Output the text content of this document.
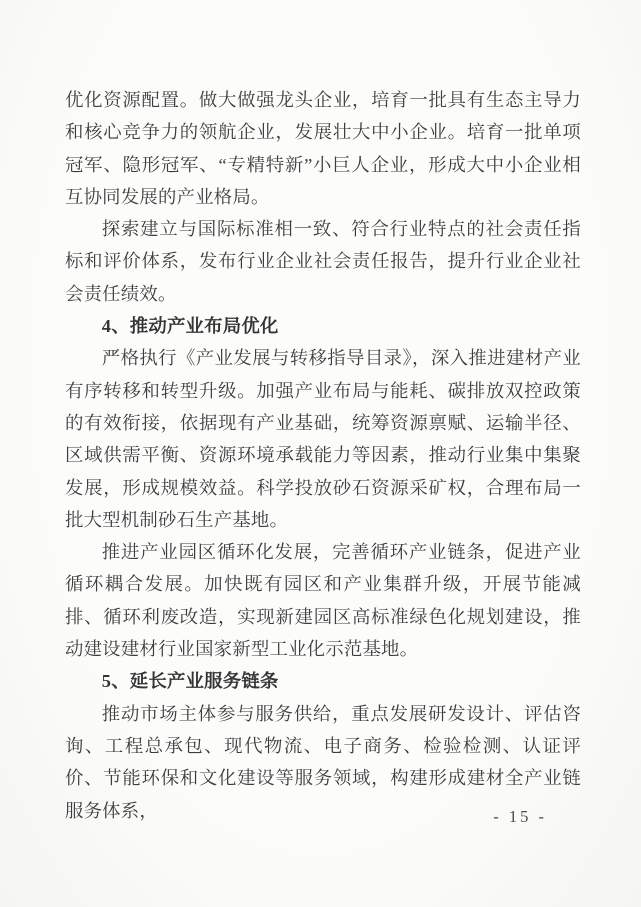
优化资源配置。做大做强龙头企业，培育一批具有生态主导力和核心竞争力的领航企业，发展壮大中小企业。培育一批单项冠军、隐形冠军、“专精特新”小巨人企业，形成大中小企业相互协同发展的产业格局。

探索建立与国际标准相一致、符合行业特点的社会责任指标和评价体系，发布行业企业社会责任报告，提升行业企业社会责任绩效。

4、推动产业布局优化

严格执行《产业发展与转移指导目录》，深入推进建材产业有序转移和转型升级。加强产业布局与能耗、碳排放双控政策的有效衔接，依据现有产业基础，统筹资源禀赋、运输半径、区域供需平衡、资源环境承载能力等因素，推动行业集中集聚发展，形成规模效益。科学投放砂石资源采矿权，合理布局一批大型机制砂石生产基地。

推进产业园区循环化发展，完善循环产业链条，促进产业循环耦合发展。加快既有园区和产业集群升级，开展节能减排、循环利废改造，实现新建园区高标准绿色化规划建设，推动建设建材行业国家新型工业化示范基地。

5、延长产业服务链条

推动市场主体参与服务供给，重点发展研发设计、评估咨询、工程总承包、现代物流、电子商务、检验检测、认证评价、节能环保和文化建设等服务领域，构建形成建材全产业链服务体系，	- 15 -
